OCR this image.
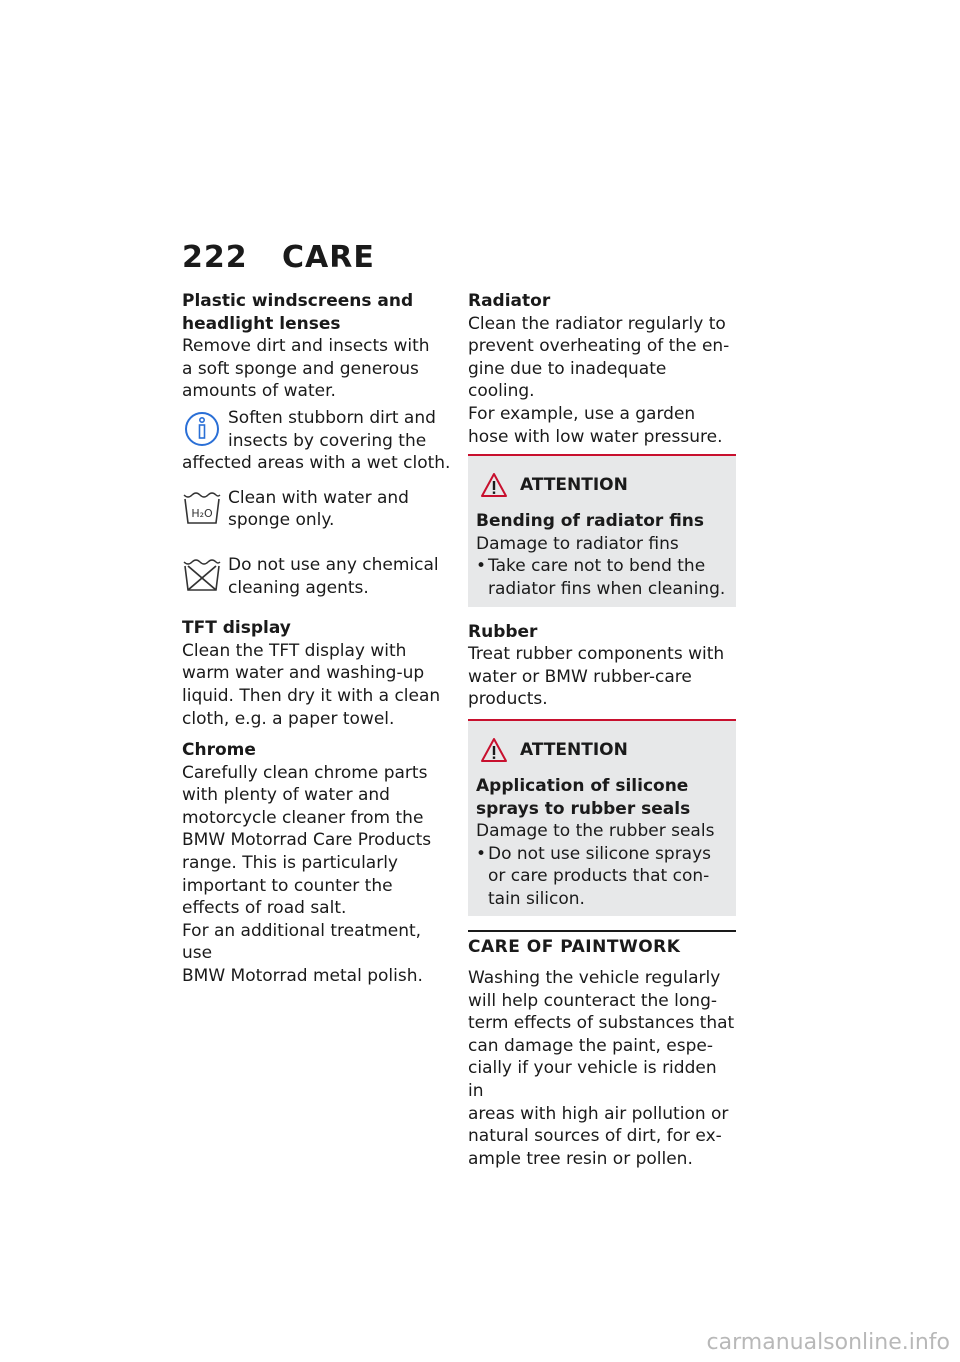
222 CARE

Plastic windscreens and

headlight lenses

Remove dirt and insects with

a soft sponge and generous

amounts of water.

Soften stubborn dirt and

insects by covering the

affected areas with a wet cloth.

H₂O

Clean with water and

sponge only.

Do not use any chemical

cleaning agents.

TFT display

Clean the TFT display with

warm water and washing-up

liquid. Then dry it with a clean

cloth, e.g. a paper towel.

Chrome

Carefully clean chrome parts

with plenty of water and

motorcycle cleaner from the

BMW Motorrad Care Products

range. This is particularly

important to counter the

effects of road salt.

For an additional treatment, use

BMW Motorrad metal polish.

Radiator

Clean the radiator regularly to

prevent overheating of the en-

gine due to inadequate cooling.

For example, use a garden

hose with low water pressure.

ATTENTION

Bending of radiator fins

Damage to radiator fins

• Take care not to bend the

radiator fins when cleaning.

Rubber

Treat rubber components with

water or BMW rubber-care

products.

ATTENTION

Application of silicone

sprays to rubber seals

Damage to the rubber seals

• Do not use silicone sprays

or care products that con-

tain silicon.

CARE OF PAINTWORK

Washing the vehicle regularly

will help counteract the long-

term effects of substances that

can damage the paint, espe-

cially if your vehicle is ridden in

areas with high air pollution or

natural sources of dirt, for ex-

ample tree resin or pollen.

carmanualsonline.info
